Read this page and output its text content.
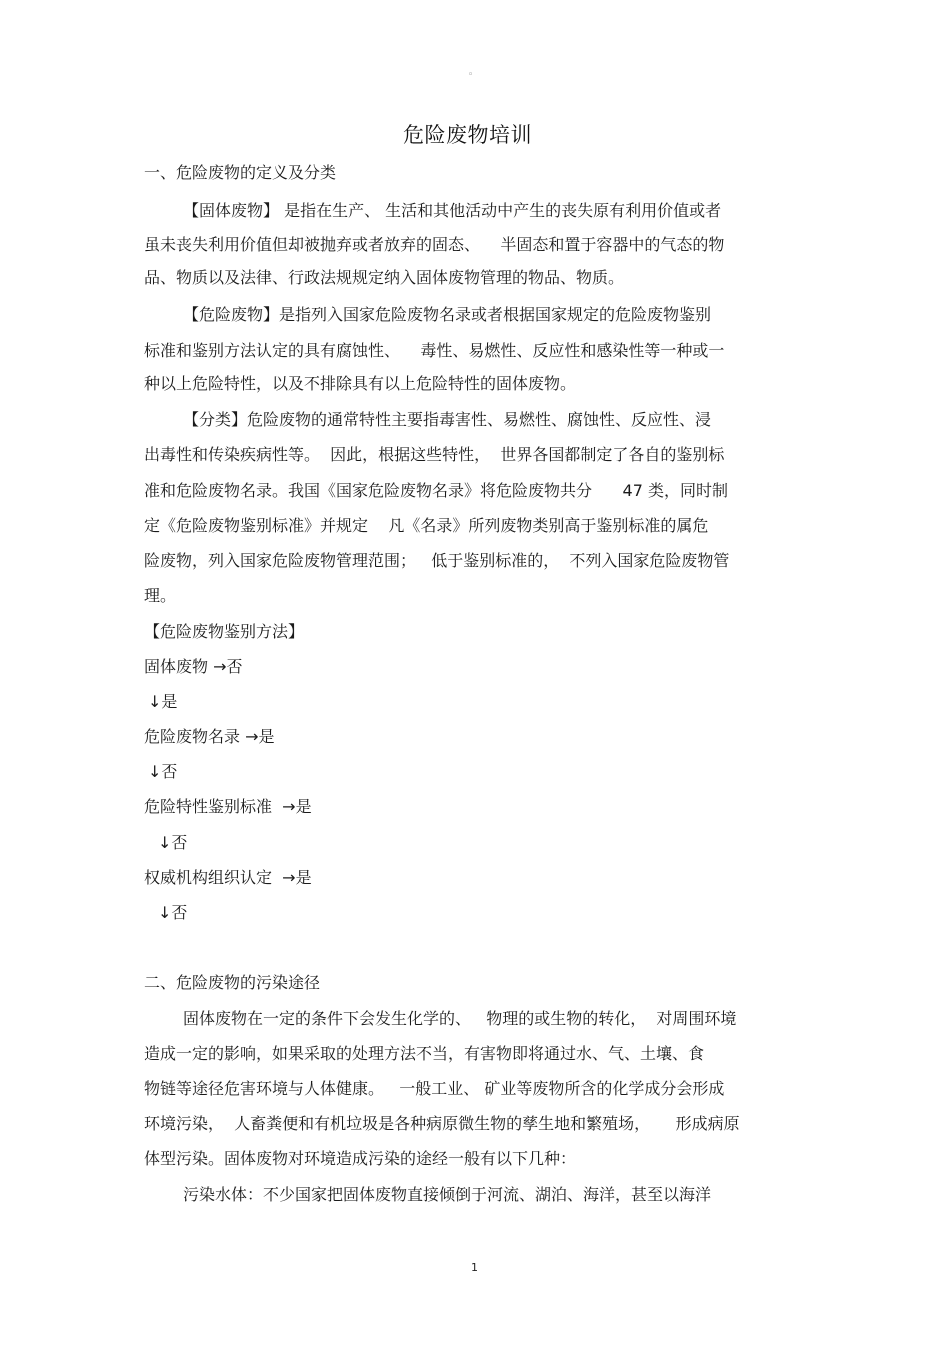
◦
危险废物培训
一、危险废物的定义及分类
【固体废物】 是指在生产、 生活和其他活动中产生的丧失原有利用价值或者
虽未丧失利用价值但却被抛弃或者放弃的固态、    半固态和置于容器中的气态的物
品、物质以及法律、行政法规规定纳入固体废物管理的物品、物质。
【危险废物】是指列入国家危险废物名录或者根据国家规定的危险废物鉴别
标准和鉴别方法认定的具有腐蚀性、    毒性、易燃性、反应性和感染性等一种或一
种以上危险特性，以及不排除具有以上危险特性的固体废物。
【分类】危险废物的通常特性主要指毒害性、易燃性、腐蚀性、反应性、浸
出毒性和传染疾病性等。  因此，根据这些特性，  世界各国都制定了各自的鉴别标
准和危险废物名录。我国《国家危险废物名录》将危险废物共分      47 类，同时制
定《危险废物鉴别标准》并规定    凡《名录》所列废物类别高于鉴别标准的属危
险废物，列入国家危险废物管理范围；   低于鉴别标准的，  不列入国家危险废物管
理。
【危险废物鉴别方法】
固体废物 →否
↓是
危险废物名录 →是
↓否
危险特性鉴别标准  →是
↓否
权威机构组织认定  →是
↓否
二、危险废物的污染途径
固体废物在一定的条件下会发生化学的、   物理的或生物的转化，  对周围环境
造成一定的影响，如果采取的处理方法不当，有害物即将通过水、气、土壤、食
物链等途径危害环境与人体健康。   一般工业、 矿业等废物所含的化学成分会形成
环境污染，  人畜粪便和有机垃圾是各种病原微生物的孳生地和繁殖场，     形成病原
体型污染。固体废物对环境造成污染的途经一般有以下几种：
污染水体：不少国家把固体废物直接倾倒于河流、湖泊、海洋，甚至以海洋
1
